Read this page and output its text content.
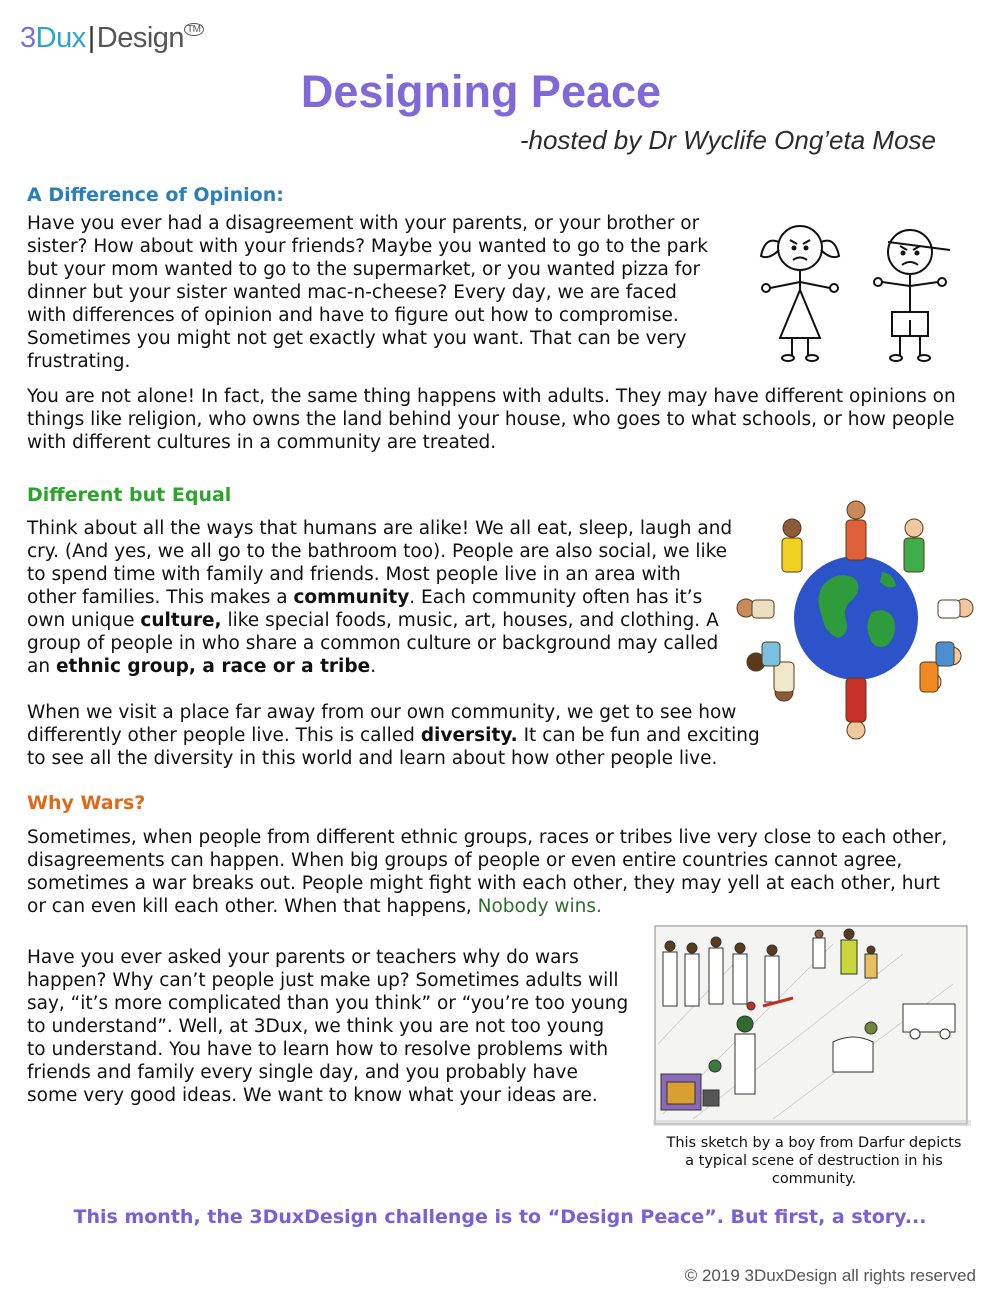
3Dux|Design ™
Designing Peace
-hosted by Dr Wyclife Ong’eta Mose
A Difference of Opinion:
Have you ever had a disagreement with your parents, or your brother or
sister? How about with your friends? Maybe you wanted to go to the park
but your mom wanted to go to the supermarket, or you wanted pizza for
dinner but your sister wanted mac-n-cheese? Every day, we are faced
with differences of opinion and have to figure out how to compromise.
Sometimes you might not get exactly what you want. That can be very
frustrating.
You are not alone! In fact, the same thing happens with adults. They may have different opinions on
things like religion, who owns the land behind your house, who goes to what schools, or how people
with different cultures in a community are treated.
Different but Equal
Think about all the ways that humans are alike! We all eat, sleep, laugh and
cry. (And yes, we all go to the bathroom too). People are also social, we like
to spend time with family and friends. Most people live in an area with
other families. This makes a community. Each community often has it’s
own unique culture, like special foods, music, art, houses, and clothing. A
group of people in who share a common culture or background may called
an ethnic group, a race or a tribe.
When we visit a place far away from our own community, we get to see how
differently other people live. This is called diversity. It can be fun and exciting
to see all the diversity in this world and learn about how other people live.
Why Wars?
Sometimes, when people from different ethnic groups, races or tribes live very close to each other,
disagreements can happen. When big groups of people or even entire countries cannot agree,
sometimes a war breaks out. People might fight with each other, they may yell at each other, hurt
or can even kill each other. When that happens, Nobody wins.
Have you ever asked your parents or teachers why do wars
happen? Why can’t people just make up? Sometimes adults will
say, “it’s more complicated than you think” or “you’re too young
to understand”. Well, at 3Dux, we think you are not too young
to understand. You have to learn how to resolve problems with
friends and family every single day, and you probably have
some very good ideas. We want to know what your ideas are.
This sketch by a boy from Darfur depicts
a typical scene of destruction in his
community.
This month, the 3DuxDesign challenge is to “Design Peace”. But first, a story...
© 2019 3DuxDesign all rights reserved
